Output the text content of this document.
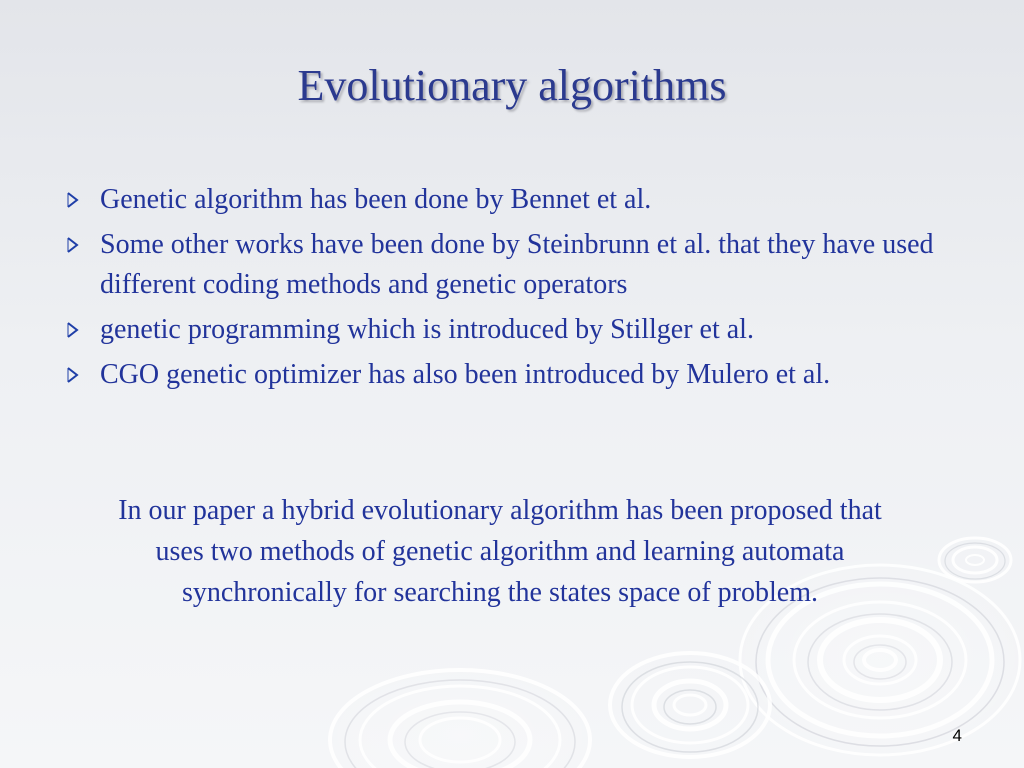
Evolutionary algorithms
Genetic algorithm has been done by Bennet et al.
Some other works have been done by Steinbrunn et al. that they have used different coding methods and genetic operators
genetic programming which is introduced by Stillger et al.
CGO genetic optimizer has also been introduced by Mulero et al.

In our paper a hybrid evolutionary algorithm has been proposed that uses two methods of genetic algorithm and learning automata synchronically for searching the states space of problem.

4
